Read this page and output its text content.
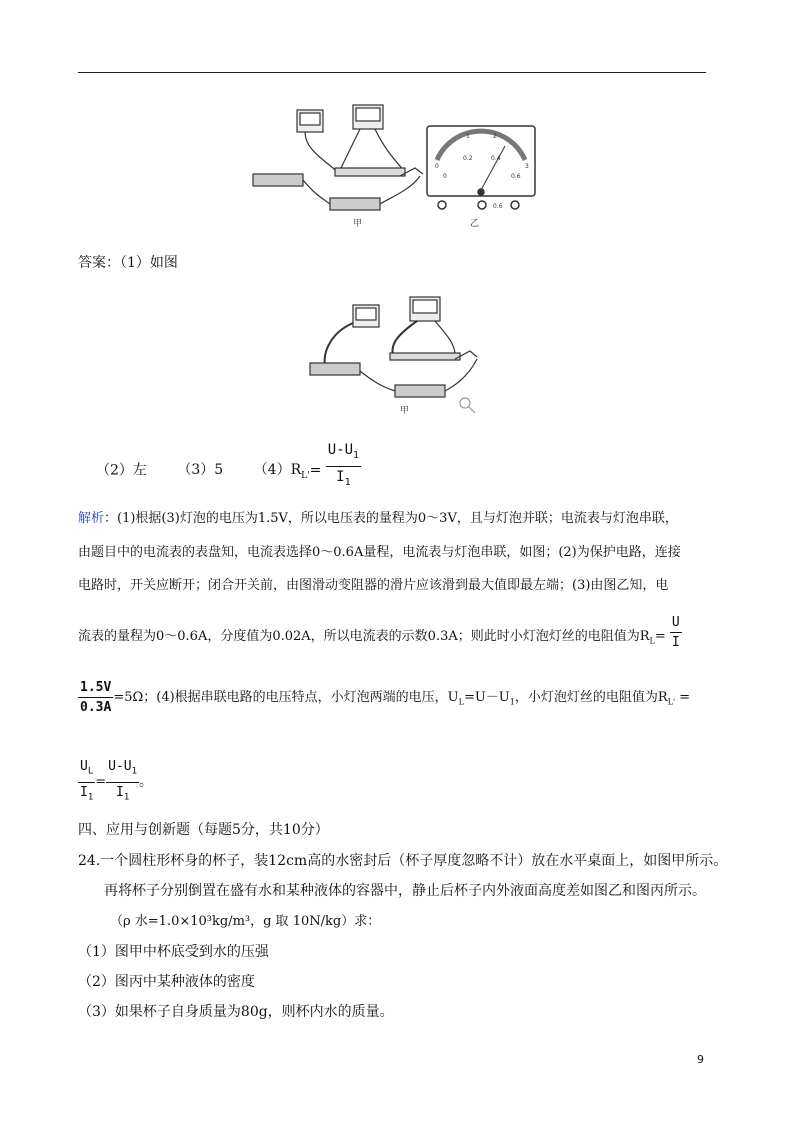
甲
0
1	2
3
0
0.2	0.4
0.6
0.6
乙
答案：（1）如图
甲
（2）左 （3）5 $(4)R_{L'}= \frac{U-U_1}{I_1}$
解析：(1)根据(3)灯泡的电压为1.5V，所以电压表的量程为0～3V，且与灯泡并联；电流表与灯泡串联，
由题目中的电流表的表盘知，电流表选择0～0.6A量程，电流表与灯泡串联，如图；(2)为保护电路，连接
电路时，开关应断开；闭合开关前，由图滑动变阻器的滑片应该滑到最大值即最左端；(3)由图乙知，电
流表的量程为0～0.6A，分度值为0.02A，所以电流表的示数0.3A；则此时小灯泡灯丝的电阻值为$R_L= \frac{U}{I}$
$\frac{1.5V}{0.3A} =5\Omega$；(4)根据串联电路的电压特点，小灯泡两端的电压，$U_L=U-U_1$，小灯泡灯丝的电阻值为$R_{L'}$ =
$\frac{U_L}{I_1} = \frac{U-U_1}{I_1}$ 。
四、应用与创新题（每题5分，共10分）
24.一个圆柱形杯身的杯子，装12cm高的水密封后（杯子厚度忽略不计）放在水平桌面上，如图甲所示。
再将杯子分别倒置在盛有水和某种液体的容器中，静止后杯子内外液面高度差如图乙和图丙所示。
（ρ 水=1.0×10³kg/m³，g 取 10N/kg）求：
（1）图甲中杯底受到水的压强
（2）图丙中某种液体的密度
（3）如果杯子自身质量为80g，则杯内水的质量。
9
